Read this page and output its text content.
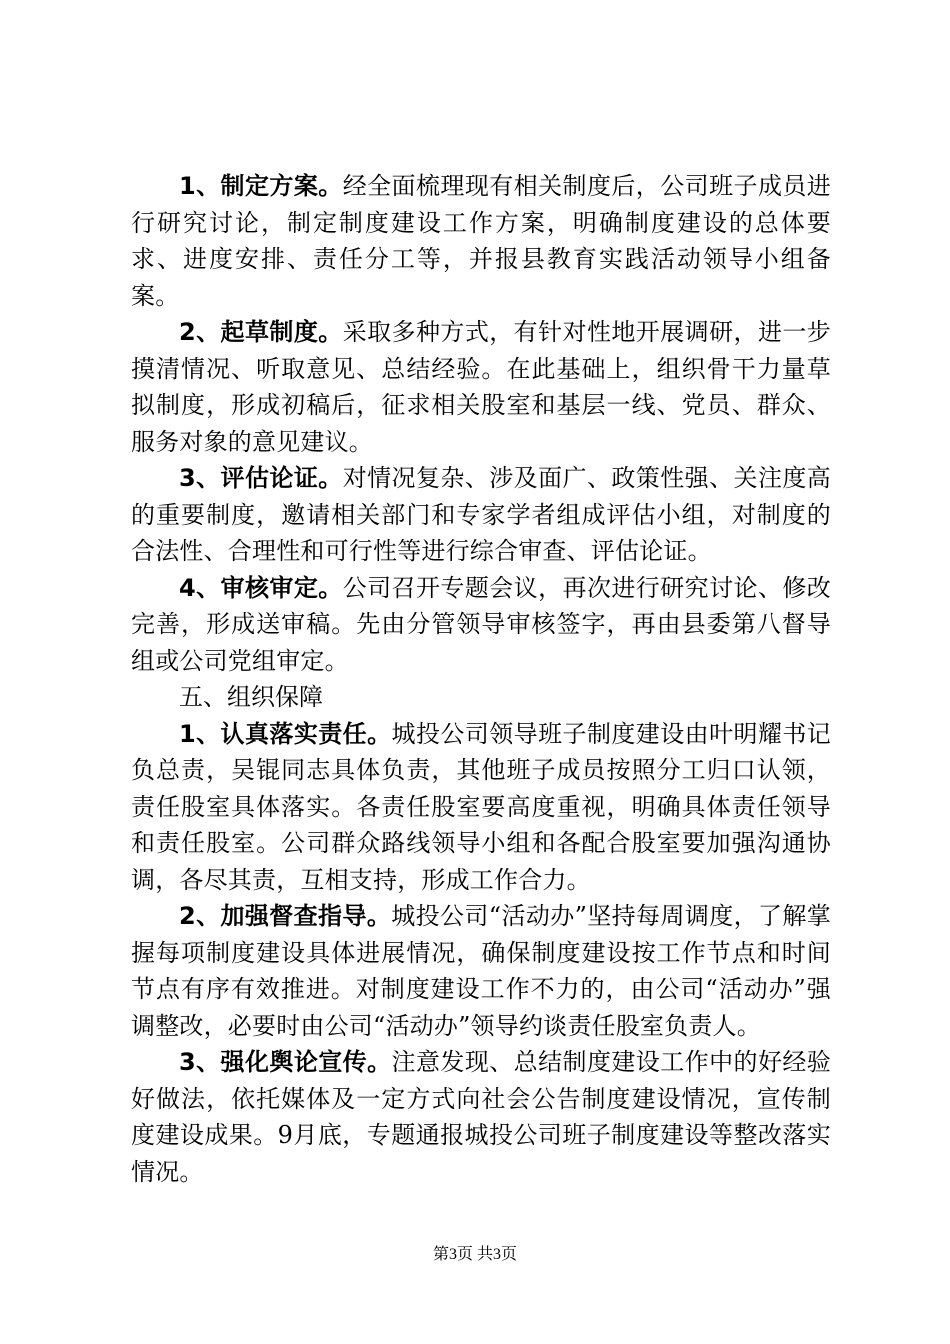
1、制定方案。经全面梳理现有相关制度后，公司班子成员进行研究讨论，制定制度建设工作方案，明确制度建设的总体要求、进度安排、责任分工等，并报县教育实践活动领导小组备案。

2、起草制度。采取多种方式，有针对性地开展调研，进一步摸清情况、听取意见、总结经验。在此基础上，组织骨干力量草拟制度，形成初稿后，征求相关股室和基层一线、党员、群众、服务对象的意见建议。

3、评估论证。对情况复杂、涉及面广、政策性强、关注度高的重要制度，邀请相关部门和专家学者组成评估小组，对制度的合法性、合理性和可行性等进行综合审查、评估论证。

4、审核审定。公司召开专题会议，再次进行研究讨论、修改完善，形成送审稿。先由分管领导审核签字，再由县委第八督导组或公司党组审定。

五、组织保障

1、认真落实责任。城投公司领导班子制度建设由叶明耀书记负总责，吴锟同志具体负责，其他班子成员按照分工归口认领，责任股室具体落实。各责任股室要高度重视，明确具体责任领导和责任股室。公司群众路线领导小组和各配合股室要加强沟通协调，各尽其责，互相支持，形成工作合力。

2、加强督查指导。城投公司“活动办”坚持每周调度，了解掌握每项制度建设具体进展情况，确保制度建设按工作节点和时间节点有序有效推进。对制度建设工作不力的，由公司“活动办”强调整改，必要时由公司“活动办”领导约谈责任股室负责人。

3、强化舆论宣传。注意发现、总结制度建设工作中的好经验好做法，依托媒体及一定方式向社会公告制度建设情况，宣传制度建设成果。9月底，专题通报城投公司班子制度建设等整改落实情况。

第3页 共3页
